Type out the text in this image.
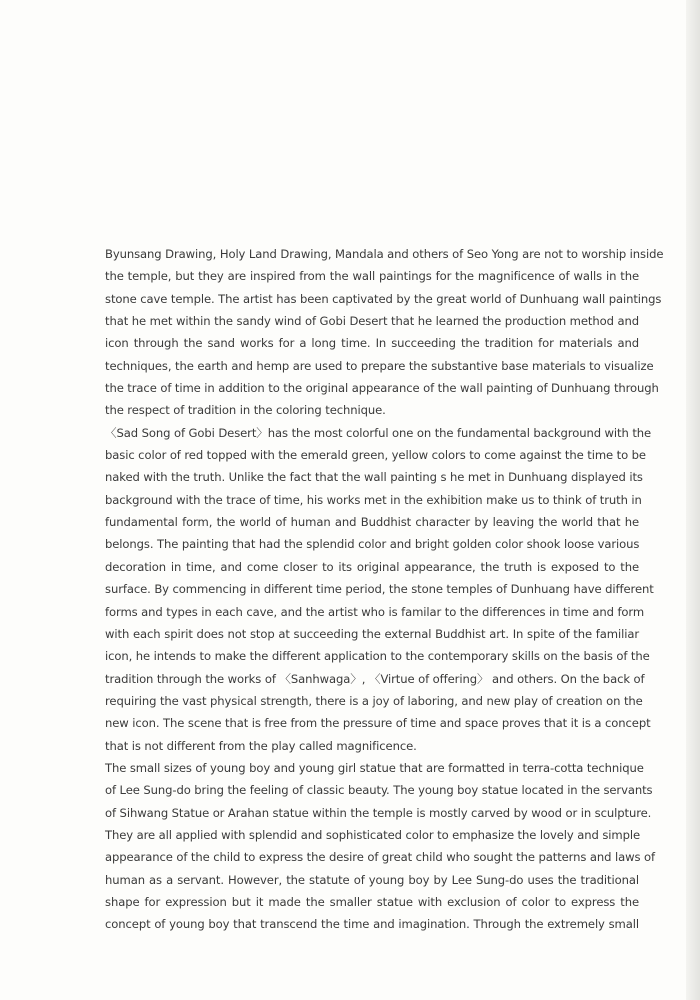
Byunsang Drawing, Holy Land Drawing, Mandala and others of Seo Yong are not to worship inside
the temple, but they are inspired from the wall paintings for the magnificence of walls in the
stone cave temple. The artist has been captivated by the great world of Dunhuang wall paintings
that he met within the sandy wind of Gobi Desert that he learned the production method and
icon through the sand works for a long time. In succeeding the tradition for materials and
techniques, the earth and hemp are used to prepare the substantive base materials to visualize
the trace of time in addition to the original appearance of the wall painting of Dunhuang through
the respect of tradition in the coloring technique.
〈Sad Song of Gobi Desert〉has the most colorful one on the fundamental background with the
basic color of red topped with the emerald green, yellow colors to come against the time to be
naked with the truth. Unlike the fact that the wall painting s he met in Dunhuang displayed its
background with the trace of time, his works met in the exhibition make us to think of truth in
fundamental form, the world of human and Buddhist character by leaving the world that he
belongs. The painting that had the splendid color and bright golden color shook loose various
decoration in time, and come closer to its original appearance, the truth is exposed to the
surface. By commencing in different time period, the stone temples of Dunhuang have different
forms and types in each cave, and the artist who is familar to the differences in time and form
with each spirit does not stop at succeeding the external Buddhist art. In spite of the familiar
icon, he intends to make the different application to the contemporary skills on the basis of the
tradition through the works of 〈Sanhwaga〉, 〈Virtue of offering〉 and others. On the back of
requiring the vast physical strength, there is a joy of laboring, and new play of creation on the
new icon. The scene that is free from the pressure of time and space proves that it is a concept
that is not different from the play called magnificence.
The small sizes of young boy and young girl statue that are formatted in terra-cotta technique
of Lee Sung-do bring the feeling of classic beauty. The young boy statue located in the servants
of Sihwang Statue or Arahan statue within the temple is mostly carved by wood or in sculpture.
They are all applied with splendid and sophisticated color to emphasize the lovely and simple
appearance of the child to express the desire of great child who sought the patterns and laws of
human as a servant. However, the statute of young boy by Lee Sung-do uses the traditional
shape for expression but it made the smaller statue with exclusion of color to express the
concept of young boy that transcend the time and imagination. Through the extremely small
